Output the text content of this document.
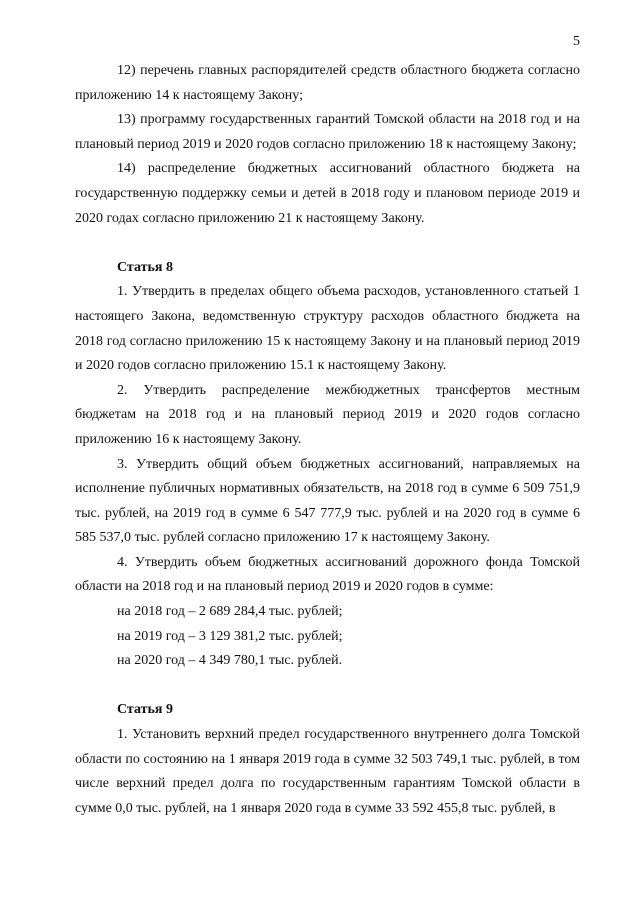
5

12) перечень главных распорядителей средств областного бюджета согласно приложению 14 к настоящему Закону;

13) программу государственных гарантий Томской области на 2018 год и на плановый период 2019 и 2020 годов согласно приложению 18 к настоящему Закону;

14) распределение бюджетных ассигнований областного бюджета на государственную поддержку семьи и детей в 2018 году и плановом периоде 2019 и 2020 годах согласно приложению 21 к настоящему Закону.

Статья 8

1. Утвердить в пределах общего объема расходов, установленного статьей 1 настоящего Закона, ведомственную структуру расходов областного бюджета на 2018 год согласно приложению 15 к настоящему Закону и на плановый период 2019 и 2020 годов согласно приложению 15.1 к настоящему Закону.

2. Утвердить распределение межбюджетных трансфертов местным бюджетам на 2018 год и на плановый период 2019 и 2020 годов согласно приложению 16 к настоящему Закону.

3. Утвердить общий объем бюджетных ассигнований, направляемых на исполнение публичных нормативных обязательств, на 2018 год в сумме 6 509 751,9 тыс. рублей, на 2019 год в сумме 6 547 777,9 тыс. рублей и на 2020 год в сумме 6 585 537,0 тыс. рублей согласно приложению 17 к настоящему Закону.

4. Утвердить объем бюджетных ассигнований дорожного фонда Томской области на 2018 год и на плановый период 2019 и 2020 годов в сумме:

на 2018 год – 2 689 284,4 тыс. рублей;

на 2019 год – 3 129 381,2 тыс. рублей;

на 2020 год – 4 349 780,1 тыс. рублей.

Статья 9

1. Установить верхний предел государственного внутреннего долга Томской области по состоянию на 1 января 2019 года в сумме 32 503 749,1 тыс. рублей, в том числе верхний предел долга по государственным гарантиям Томской области в сумме 0,0 тыс. рублей, на 1 января 2020 года в сумме 33 592 455,8 тыс. рублей, в
